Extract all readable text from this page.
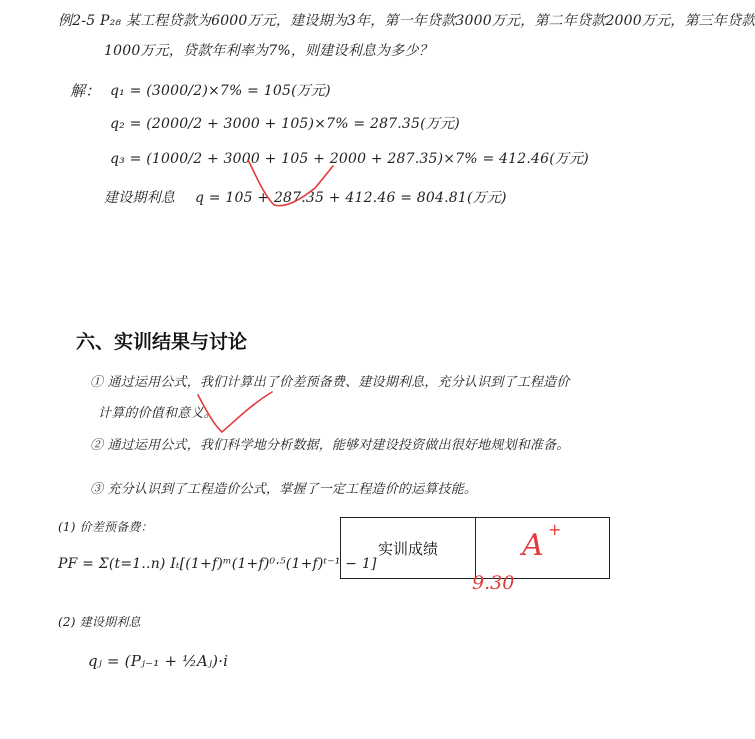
例2-5 P₂₈ 某工程贷款为6000万元，建设期为3年，第一年贷款3000万元，第二年贷款2000万元，第三年贷款
1000万元，贷款年利率为7%，则建设利息为多少？
解： q₁ = (3000/2)×7% = 105(万元)
q₂ = (2000/2 + 3000 + 105)×7% = 287.35(万元)
q₃ = (1000/2 + 3000 + 105 + 2000 + 287.35)×7% = 412.46(万元)
建设期利息 q = 105 + 287.35 + 412.46 = 804.81(万元)
六、实训结果与讨论
① 通过运用公式，我们计算出了价差预备费、建设期利息，充分认识到了工程造价
计算的价值和意义。
② 通过运用公式，我们科学地分析数据，能够对建设投资做出很好地规划和准备。
③ 充分认识到了工程造价公式，掌握了一定工程造价的运算技能。
(1) 价差预备费：
PF = Σ(t=1..n) Iₜ[(1+f)ᵐ(1+f)⁰·⁵(1+f)ᵗ⁻¹ − 1]
(2) 建设期利息
qⱼ = (Pⱼ₋₁ + ½Aⱼ)·i
实训成绩	A +
9.30
